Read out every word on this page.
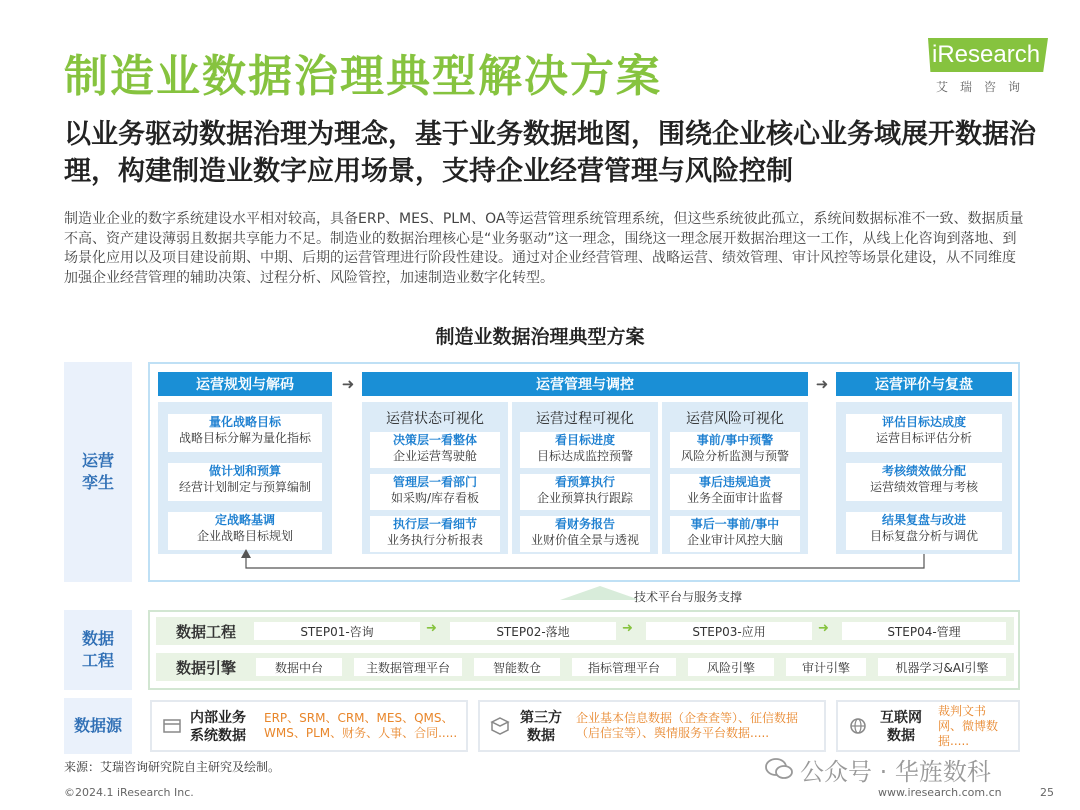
制造业数据治理典型解决方案	iResearch
艾瑞咨询
以业务驱动数据治理为理念，基于业务数据地图，围绕企业核心业务域展开数据治理，构建制造业数字应用场景，支持企业经营管理与风险控制
制造业企业的数字系统建设水平相对较高，具备ERP、MES、PLM、OA等运营管理系统管理系统，但这些系统彼此孤立，系统间数据标准不一致、数据质量不高、资产建设薄弱且数据共享能力不足。制造业的数据治理核心是“业务驱动”这一理念，围绕这一理念展开数据治理这一工作，从线上化咨询到落地、到场景化应用以及项目建设前期、中期、后期的运营管理进行阶段性建设。通过对企业经营管理、战略运营、绩效管理、审计风控等场景化建设，从不同维度加强企业经营管理的辅助决策、过程分析、风险管控，加速制造业数字化转型。
制造业数据治理典型方案
运营
孪生
数据
工程
数据源
运营规划与解码	➜
量化战略目标
战略目标分解为量化指标
做计划和预算
经营计划制定与预算编制
定战略基调
企业战略目标规划
运营管理与调控	➜
运营状态可视化
决策层一看整体
企业运营驾驶舱
管理层一看部门
如采购/库存看板
执行层一看细节
业务执行分析报表
运营过程可视化
看目标进度
目标达成监控预警
看预算执行
企业预算执行跟踪
看财务报告
业财价值全景与透视
运营风险可视化
事前/事中预警
风险分析监测与预警
事后违规追责
业务全面审计监督
事后一事前/事中
企业审计风控大脑
运营评价与复盘
评估目标达成度
运营目标评估分析
考核绩效做分配
运营绩效管理与考核
结果复盘与改进
目标复盘分析与调优
技术平台与服务支撑
数据工程	STEP01-咨询	➜	STEP02-落地	➜	STEP03-应用	➜	STEP04-管理
数据引擎	数据中台	主数据管理平台	智能数仓	指标管理平台	风险引擎	审计引擎	机器学习&AI引擎
内部业务
系统数据
ERP、SRM、CRM、MES、QMS、
WMS、PLM、财务、人事、合同.....
第三方
数据
企业基本信息数据（企查查等）、征信数据
（启信宝等）、舆情服务平台数据.....
互联网
数据
裁判文书
网、微博数
据.....
来源：艾瑞咨询研究院自主研究及绘制。
©2024.1 iResearch Inc.
公众号 · 华旌数科
www.iresearch.com.cn	25
